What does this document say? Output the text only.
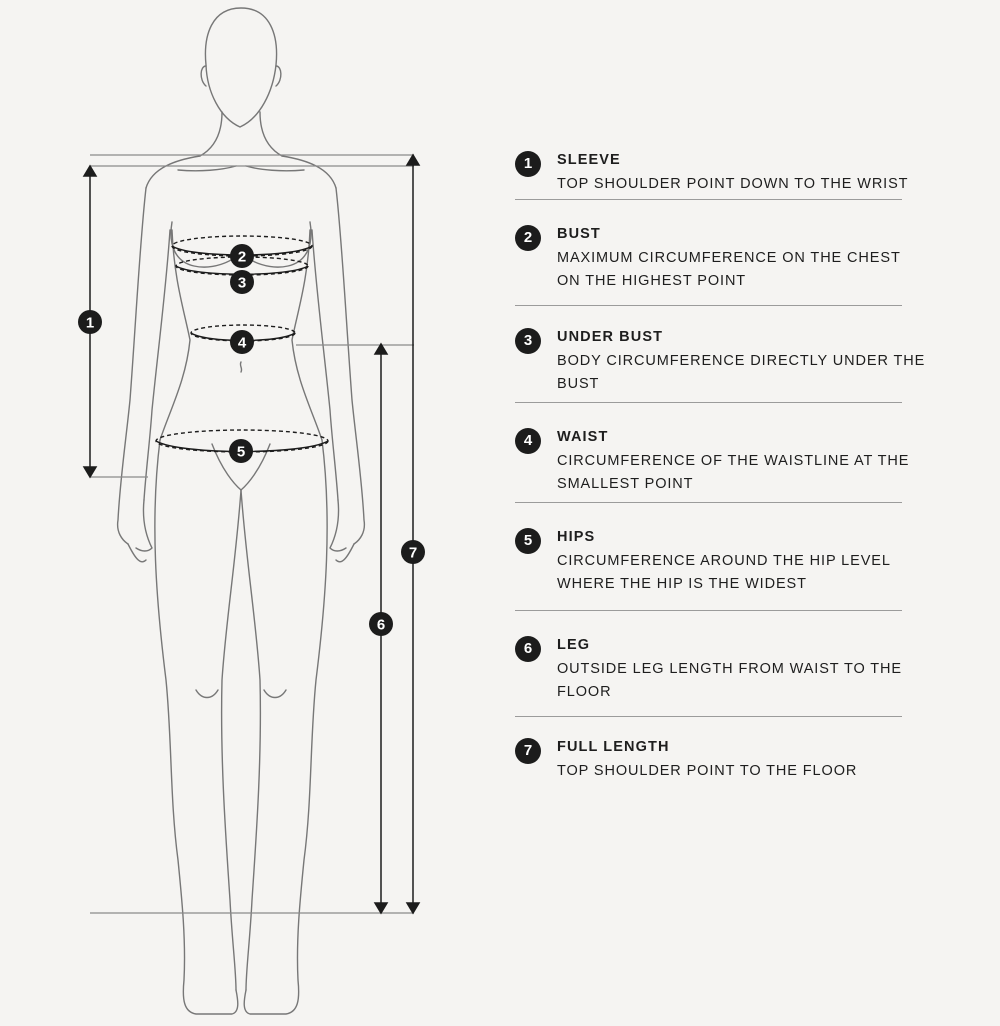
1
2
3
4
5
6
7
1	SLEEVE
TOP SHOULDER POINT DOWN TO THE WRIST
2	BUST
MAXIMUM CIRCUMFERENCE ON THE CHEST
ON THE HIGHEST POINT
3	UNDER BUST
BODY CIRCUMFERENCE DIRECTLY UNDER THE
BUST
4	WAIST
CIRCUMFERENCE OF THE WAISTLINE AT THE
SMALLEST POINT
5	HIPS
CIRCUMFERENCE AROUND THE HIP LEVEL
WHERE THE HIP IS THE WIDEST
6	LEG
OUTSIDE LEG LENGTH FROM WAIST TO THE
FLOOR
7	FULL LENGTH
TOP SHOULDER POINT TO THE FLOOR
